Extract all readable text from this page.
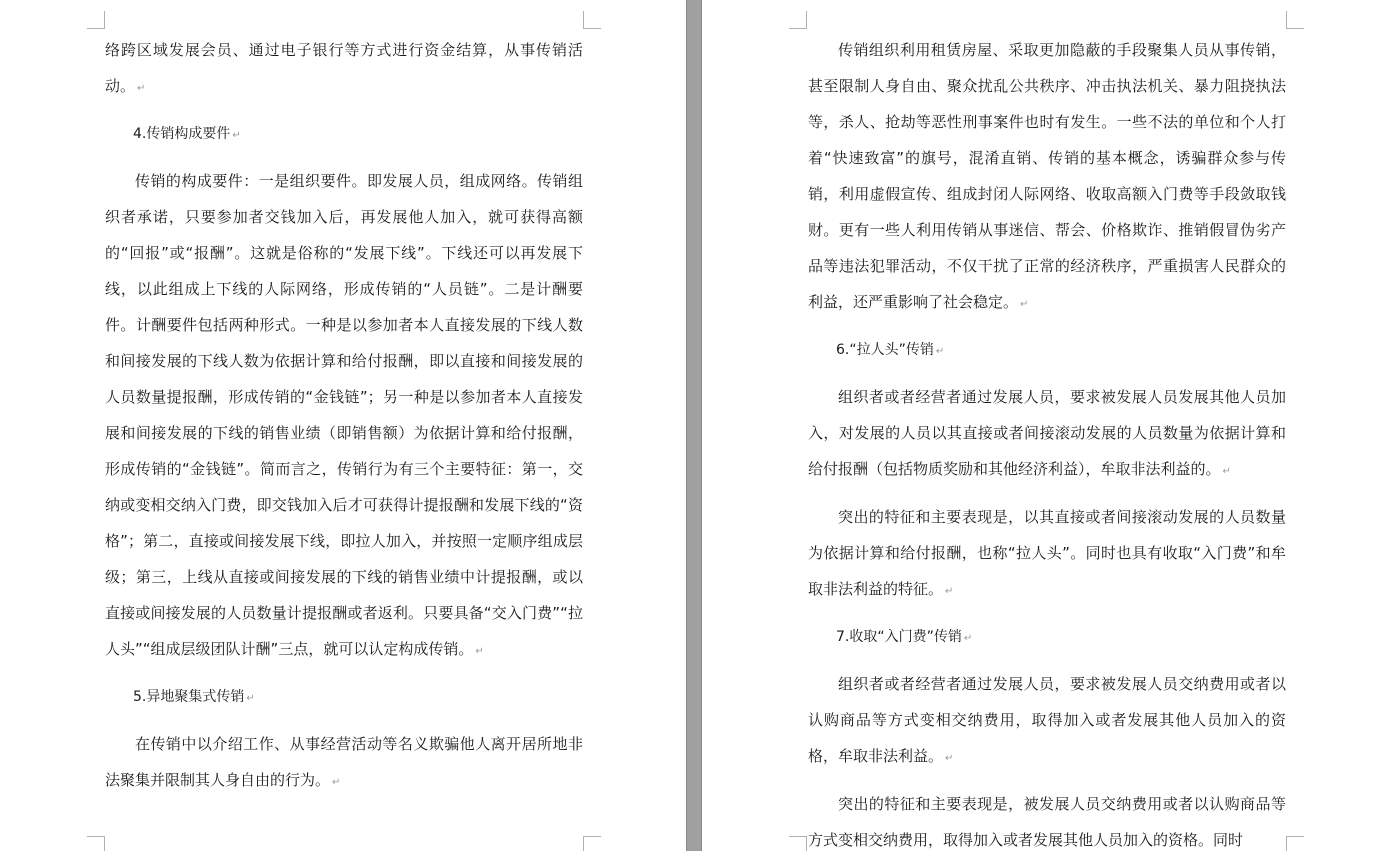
络跨区域发展会员、通过电子银行等方式进行资金结算，从事传销活动。 ↵

4.传销构成要件 ↵

传销的构成要件：一是组织要件。即发展人员，组成网络。传销组织者承诺，只要参加者交钱加入后，再发展他人加入，就可获得高额的“回报”或“报酬”。这就是俗称的“发展下线”。下线还可以再发展下线，以此组成上下线的人际网络，形成传销的“人员链”。二是计酬要件。计酬要件包括两种形式。一种是以参加者本人直接发展的下线人数和间接发展的下线人数为依据计算和给付报酬，即以直接和间接发展的人员数量提报酬，形成传销的“金钱链”；另一种是以参加者本人直接发展和间接发展的下线的销售业绩（即销售额）为依据计算和给付报酬，形成传销的“金钱链”。简而言之，传销行为有三个主要特征：第一，交纳或变相交纳入门费，即交钱加入后才可获得计提报酬和发展下线的“资格”；第二，直接或间接发展下线，即拉人加入，并按照一定顺序组成层级；第三，上线从直接或间接发展的下线的销售业绩中计提报酬，或以直接或间接发展的人员数量计提报酬或者返利。只要具备“交入门费”“拉人头”“组成层级团队计酬”三点，就可以认定构成传销。 ↵

5.异地聚集式传销 ↵

在传销中以介绍工作、从事经营活动等名义欺骗他人离开居所地非法聚集并限制其人身自由的行为。 ↵

传销组织利用租赁房屋、采取更加隐蔽的手段聚集人员从事传销，甚至限制人身自由、聚众扰乱公共秩序、冲击执法机关、暴力阻挠执法等，杀人、抢劫等恶性刑事案件也时有发生。一些不法的单位和个人打着“快速致富”的旗号，混淆直销、传销的基本概念，诱骗群众参与传销，利用虚假宣传、组成封闭人际网络、收取高额入门费等手段敛取钱财。更有一些人利用传销从事迷信、帮会、价格欺诈、推销假冒伪劣产品等违法犯罪活动，不仅干扰了正常的经济秩序，严重损害人民群众的利益，还严重影响了社会稳定。 ↵

6.“拉人头”传销 ↵

组织者或者经营者通过发展人员，要求被发展人员发展其他人员加入，对发展的人员以其直接或者间接滚动发展的人员数量为依据计算和给付报酬（包括物质奖励和其他经济利益），牟取非法利益的。 ↵

突出的特征和主要表现是，以其直接或者间接滚动发展的人员数量为依据计算和给付报酬，也称“拉人头”。同时也具有收取“入门费”和牟取非法利益的特征。 ↵

7.收取“入门费”传销 ↵

组织者或者经营者通过发展人员，要求被发展人员交纳费用或者以认购商品等方式变相交纳费用，取得加入或者发展其他人员加入的资格，牟取非法利益。 ↵

突出的特征和主要表现是，被发展人员交纳费用或者以认购商品等方式变相交纳费用，取得加入或者发展其他人员加入的资格。同时
